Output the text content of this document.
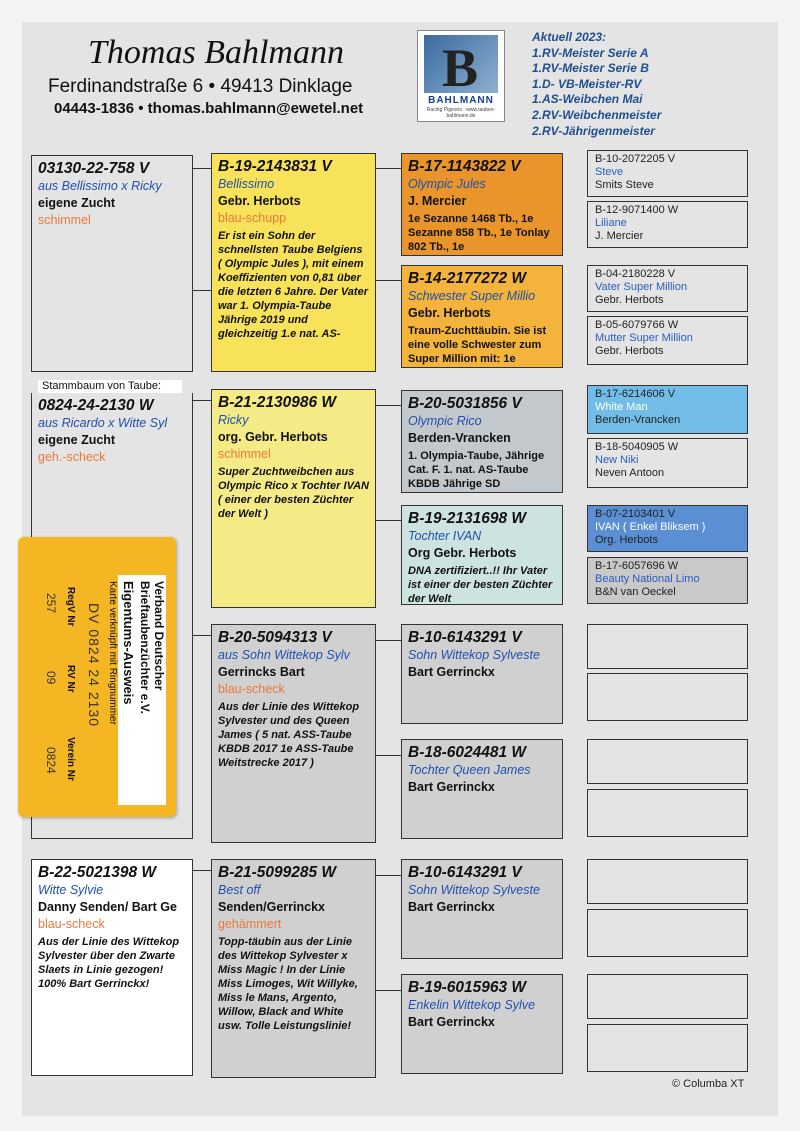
Thomas Bahlmann
Ferdinandstraße 6 • 49413 Dinklage
04443-1836 • thomas.bahlmann@ewetel.net
B
BAHLMANN
Racing Pigeons · www.tauben-bahlmann.de
Aktuell 2023:
1.RV-Meister Serie A
1.RV-Meister Serie B
1.D- VB-Meister-RV
1.AS-Weibchen Mai
2.RV-Weibchenmeister
2.RV-Jährigenmeister
03130-22-758 V
aus Bellissimo x Ricky
eigene Zucht
schimmel
Stammbaum von Taube:
0824-24-2130 W
aus Ricardo x Witte Syl
eigene Zucht
geh.-scheck
B-22-5021398 W
Witte Sylvie
Danny Senden/ Bart Ge
blau-scheck
Aus der Linie des Wittekop Sylvester über den Zwarte Slaets in Linie gezogen! 100% Bart Gerrinckx!
B-19-2143831 V
Bellissimo
Gebr. Herbots
blau-schupp
Er ist ein Sohn der schnellsten Taube Belgiens ( Olympic Jules ), mit einem Koeffizienten von 0,81 über die letzten 6 Jahre. Der Vater war 1. Olympia-Taube Jährige 2019 und gleichzeitig 1.e nat. AS-
B-21-2130986 W
Ricky
org. Gebr. Herbots
schimmel
Super Zuchtweibchen aus Olympic Rico x Tochter IVAN ( einer der besten Züchter der Welt )
B-20-5094313 V
aus Sohn Wittekop Sylv
Gerrincks Bart
blau-scheck
Aus der Linie des Wittekop Sylvester und des Queen James ( 5 nat. ASS-Taube KBDB 2017 1e ASS-Taube Weitstrecke 2017 )
B-21-5099285 W
Best off
Senden/Gerrinckx
gehämmert
Topp-täubin aus der Linie des Wittekop Sylvester x Miss Magic ! In der Linie Miss Limoges, Wit Willyke, Miss le Mans, Argento, Willow, Black and White usw. Tolle Leistungslinie!
B-17-1143822 V
Olympic Jules
J. Mercier
1e Sezanne 1468 Tb., 1e Sezanne 858 Tb., 1e Tonlay 802 Tb., 1e
B-14-2177272 W
Schwester Super Millio
Gebr. Herbots
Traum-Zuchttäubin. Sie ist eine volle Schwester zum Super Million mit: 1e
B-20-5031856 V
Olympic Rico
Berden-Vrancken
1. Olympia-Taube, Jährige Cat. F. 1. nat. AS-Taube KBDB Jährige SD
B-19-2131698 W
Tochter IVAN
Org Gebr. Herbots
DNA zertifiziert..!! Ihr Vater ist einer der besten Züchter der Welt
B-10-6143291 V
Sohn Wittekop Sylveste
Bart Gerrinckx
B-18-6024481 W
Tochter Queen James
Bart Gerrinckx
B-10-6143291 V
Sohn Wittekop Sylveste
Bart Gerrinckx
B-19-6015963 W
Enkelin Wittekop Sylve
Bart Gerrinckx
B-10-2072205 V
Steve
Smits Steve
B-12-9071400 W
Liliane
J. Mercier
B-04-2180228 V
Vater Super Million
Gebr. Herbots
B-05-6079766 W
Mutter Super Million
Gebr. Herbots
B-17-6214606 V
White Man
Berden-Vrancken
B-18-5040905 W
New Niki
Neven Antoon
B-07-2103401 V
IVAN ( Enkel Bliksem )
Org. Herbots
B-17-6057696 W
Beauty National Limo
B&N van Oeckel
Verband Deutscher
Brieftaubenzüchter e.V.
Eigentums-Ausweis
Karte verknüpft mit Ringnummer
DV 0824 24 2130
RegV Nr
RV Nr
Verein Nr
257
09
0824
© Columba XT
